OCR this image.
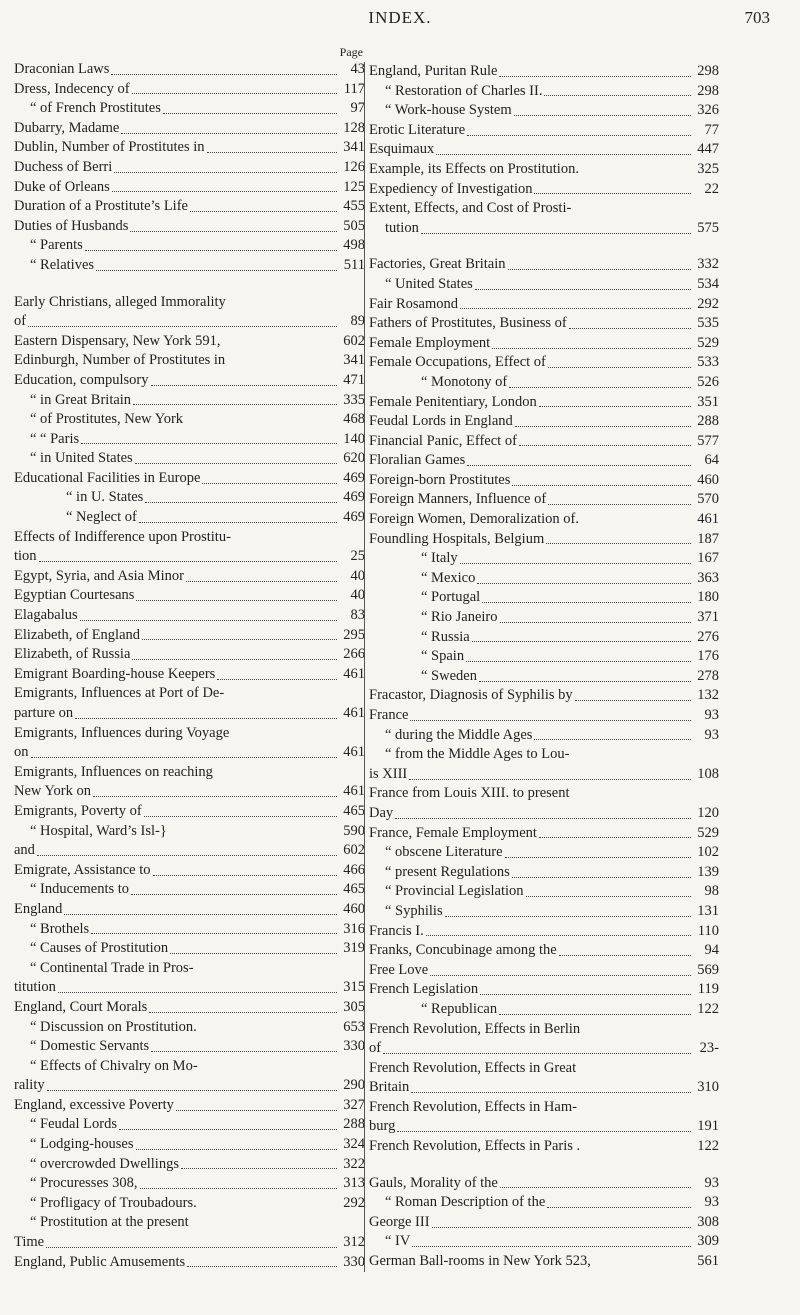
INDEX.	703
Page
Draconian Laws	43
Dress, Indecency of	117
“ of French Prostitutes	97
Dubarry, Madame	128
Dublin, Number of Prostitutes in	341
Duchess of Berri	126
Duke of Orleans	125
Duration of a Prostitute’s Life	455
Duties of Husbands	505
“ Parents	498
“ Relatives	511
Early Christians, alleged Immorality
of	89
Eastern Dispensary, New York 591,	602
Edinburgh, Number of Prostitutes in	341
Education, compulsory	471
“ in Great Britain	335
“ of Prostitutes, New York	468
“ “ Paris	140
“ in United States	620
Educational Facilities in Europe	469
“ in U. States	469
“ Neglect of	469
Effects of Indifference upon Prostitu-
tion	25
Egypt, Syria, and Asia Minor	40
Egyptian Courtesans	40
Elagabalus	83
Elizabeth, of England	295
Elizabeth, of Russia	266
Emigrant Boarding-house Keepers	461
Emigrants, Influences at Port of De-
parture on	461
Emigrants, Influences during Voyage
on	461
Emigrants, Influences on reaching
New York on	461
Emigrants, Poverty of	465
“ Hospital, Ward’s Isl-}	590
and	602
Emigrate, Assistance to	466
“ Inducements to	465
England	460
“ Brothels	316
“ Causes of Prostitution	319
“ Continental Trade in Pros-
titution	315
England, Court Morals	305
“ Discussion on Prostitution.	653
“ Domestic Servants	330
“ Effects of Chivalry on Mo-
rality	290
England, excessive Poverty	327
“ Feudal Lords	288
“ Lodging-houses	324
“ overcrowded Dwellings	322
“ Procuresses 308,	313
“ Profligacy of Troubadours.	292
“ Prostitution at the present
Time	312
England, Public Amusements	330
England, Puritan Rule	298
“ Restoration of Charles II.	298
“ Work-house System	326
Erotic Literature	77
Esquimaux	447
Example, its Effects on Prostitution.	325
Expediency of Investigation	22
Extent, Effects, and Cost of Prosti-
tution	575
Factories, Great Britain	332
“ United States	534
Fair Rosamond	292
Fathers of Prostitutes, Business of	535
Female Employment	529
Female Occupations, Effect of	533
“ Monotony of	526
Female Penitentiary, London	351
Feudal Lords in England	288
Financial Panic, Effect of	577
Floralian Games	64
Foreign-born Prostitutes	460
Foreign Manners, Influence of	570
Foreign Women, Demoralization of.	461
Foundling Hospitals, Belgium	187
“ Italy	167
“ Mexico	363
“ Portugal	180
“ Rio Janeiro	371
“ Russia	276
“ Spain	176
“ Sweden	278
Fracastor, Diagnosis of Syphilis by	132
France	93
“ during the Middle Ages	93
“ from the Middle Ages to Lou-
is XIII	108
France from Louis XIII. to present
Day	120
France, Female Employment	529
“ obscene Literature	102
“ present Regulations	139
“ Provincial Legislation	98
“ Syphilis	131
Francis I.	110
Franks, Concubinage among the	94
Free Love	569
French Legislation	119
“ Republican	122
French Revolution, Effects in Berlin
of	23‑
French Revolution, Effects in Great
Britain	310
French Revolution, Effects in Ham-
burg	191
French Revolution, Effects in Paris .	122
Gauls, Morality of the	93
“ Roman Description of the	93
George III	308
“ IV	309
German Ball-rooms in New York 523,	561
